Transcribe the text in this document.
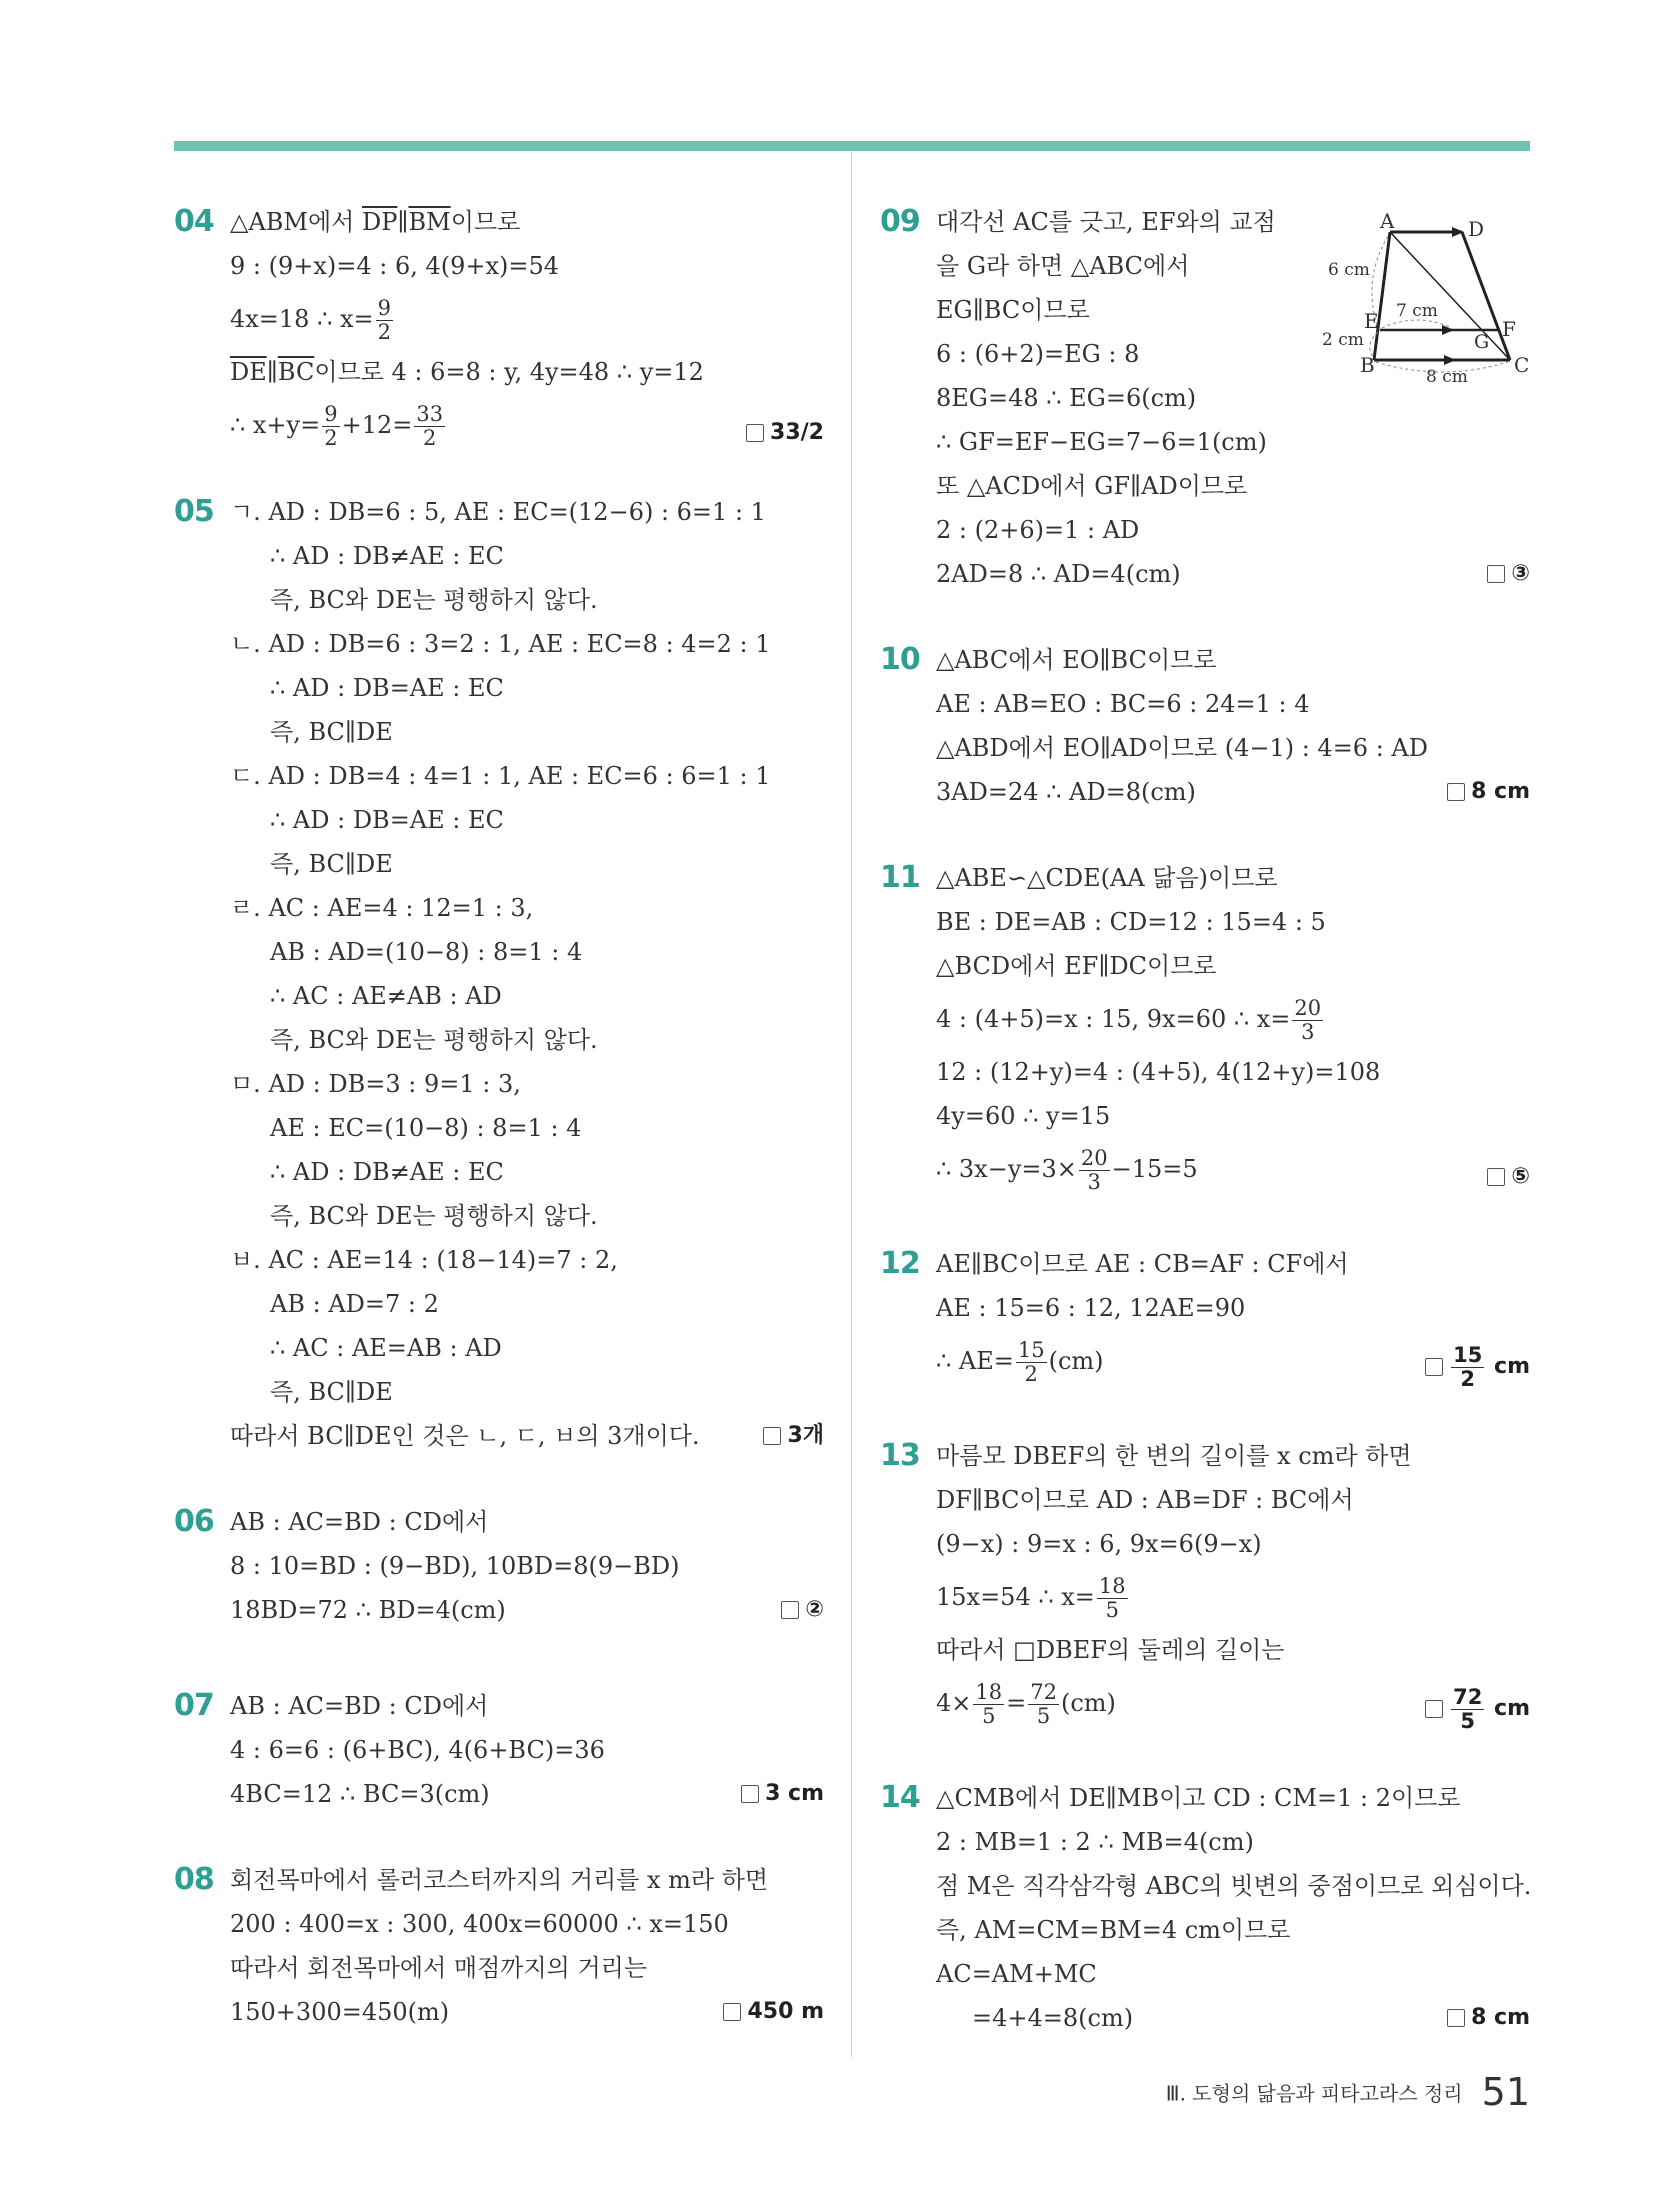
04 △ABM에서 $\overline{DP}\parallel\overline{BM}$이므로
9 : (9+x)=4 : 6, 4(9+x)=54
4x=18 ∴ $x= \frac{9}{2}$
$\overline{DE}\parallel\overline{BC}$이므로 4 : 6=8 : y, 4y=48 ∴ y=12
∴ $x+y= \frac{9}{2} +12= \frac{33}{2}$	33/2
05 ㄱ. AD : DB=6 : 5, AE : EC=(12−6) : 6=1 : 1
∴ AD : DB≠AE : EC
즉, BC와 DE는 평행하지 않다.
ㄴ. AD : DB=6 : 3=2 : 1, AE : EC=8 : 4=2 : 1
∴ AD : DB=AE : EC
즉, BC∥DE
ㄷ. AD : DB=4 : 4=1 : 1, AE : EC=6 : 6=1 : 1
∴ AD : DB=AE : EC
즉, BC∥DE
ㄹ. AC : AE=4 : 12=1 : 3,
AB : AD=(10−8) : 8=1 : 4
∴ AC : AE≠AB : AD
즉, BC와 DE는 평행하지 않다.
ㅁ. AD : DB=3 : 9=1 : 3,
AE : EC=(10−8) : 8=1 : 4
∴ AD : DB≠AE : EC
즉, BC와 DE는 평행하지 않다.
ㅂ. AC : AE=14 : (18−14)=7 : 2,
AB : AD=7 : 2
∴ AC : AE=AB : AD
즉, BC∥DE
따라서 BC∥DE인 것은 ㄴ, ㄷ, ㅂ의 3개이다.	3개
06 AB : AC=BD : CD에서
8 : 10=BD : (9−BD), 10BD=8(9−BD)
18BD=72 ∴ BD=4(cm)	②
07 AB : AC=BD : CD에서
4 : 6=6 : (6+BC), 4(6+BC)=36
4BC=12 ∴ BC=3(cm)	3 cm
08 회전목마에서 롤러코스터까지의 거리를 x m라 하면
200 : 400=x : 300, 400x=60000 ∴ x=150
따라서 회전목마에서 매점까지의 거리는
150+300=450(m)	450 m
09 대각선 AC를 긋고, EF와의 교점
을 G라 하면 △ABC에서
EG∥BC이므로
6 : (6+2)=EG : 8
8EG=48 ∴ EG=6(cm)
∴ GF=EF−EG=7−6=1(cm)
또 △ACD에서 GF∥AD이므로
2 : (2+6)=1 : AD
2AD=8 ∴ AD=4(cm)	③
10 △ABC에서 EO∥BC이므로
AE : AB=EO : BC=6 : 24=1 : 4
△ABD에서 EO∥AD이므로 (4−1) : 4=6 : AD
3AD=24 ∴ AD=8(cm)	8 cm
11 △ABE∽△CDE(AA 닮음)이므로
BE : DE=AB : CD=12 : 15=4 : 5
△BCD에서 EF∥DC이므로
4 : (4+5)=x : 15, 9x=60 ∴ $x= \frac{20}{3}$
12 : (12+y)=4 : (4+5), 4(12+y)=108
4y=60 ∴ y=15
∴ $3x-y=3\times \frac{20}{3} -15=5$	⑤
12 AE∥BC이므로 AE : CB=AF : CF에서
AE : 15=6 : 12, 12AE=90
∴ $AE= \frac{15}{2} (cm)$	$\frac{15}{2}$ cm
13 마름모 DBEF의 한 변의 길이를 x cm라 하면
DF∥BC이므로 AD : AB=DF : BC에서
(9−x) : 9=x : 6, 9x=6(9−x)
15x=54 ∴ $x= \frac{18}{5}$
따라서 □DBEF의 둘레의 길이는
$4\times \frac{18}{5} = \frac{72}{5} (cm)$	$\frac{72}{5}$ cm
14 △CMB에서 DE∥MB이고 CD : CM=1 : 2이므로
2 : MB=1 : 2 ∴ MB=4(cm)
점 M은 직각삼각형 ABC의 빗변의 중점이므로 외심이다.
즉, AM=CM=BM=4 cm이므로
AC=AM+MC
=4+4=8(cm)	8 cm
A	D
E	F
G
B	C
6 cm
2 cm
7 cm
8 cm
Ⅲ. 도형의 닮음과 피타고라스 정리 51
